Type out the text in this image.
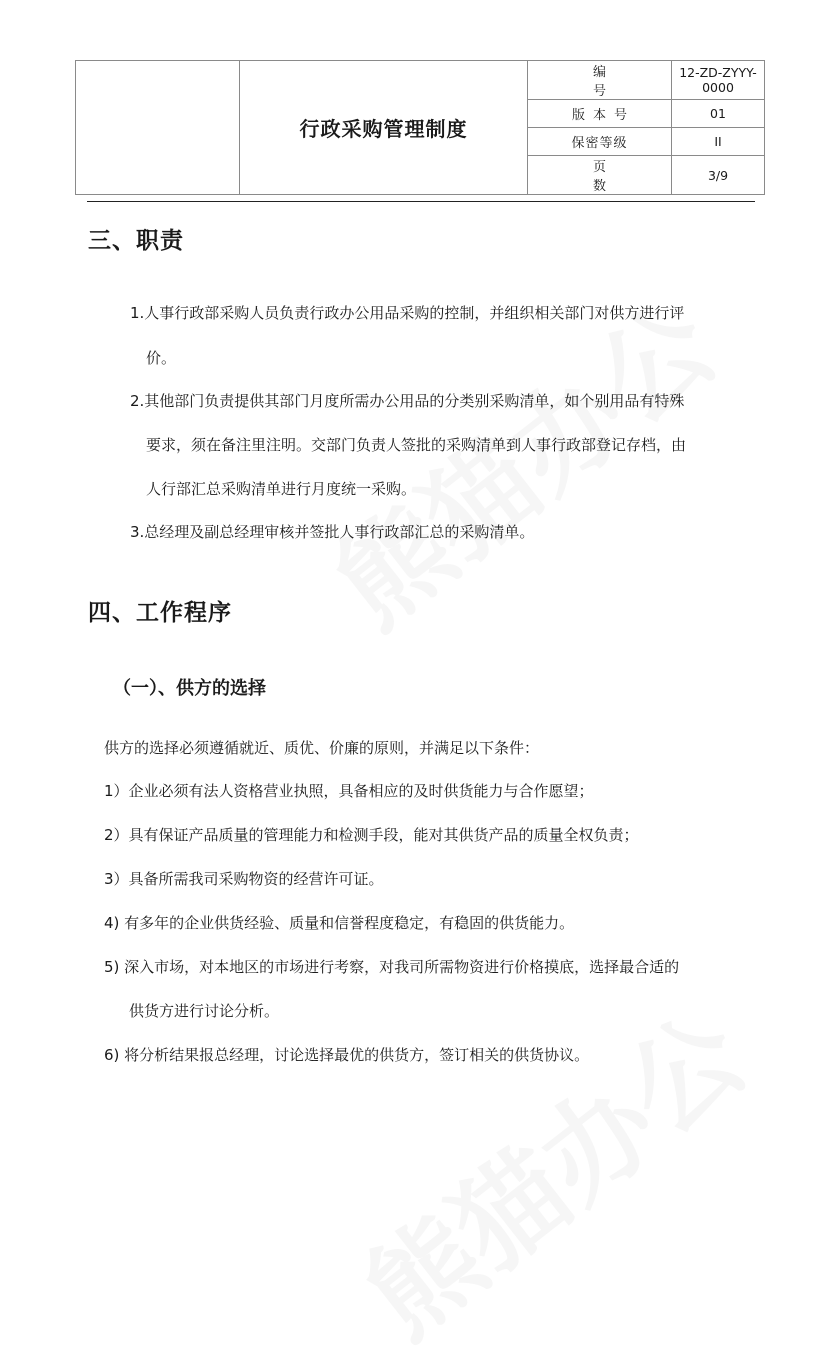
	行政采购管理制度	编 号	12-ZD-ZYYY-0000
		版本号	01
		保密等级	II
		页 数	3/9
三、职责

1.人事行政部采购人员负责行政办公用品采购的控制，并组织相关部门对供方进行评

价。

2.其他部门负责提供其部门月度所需办公用品的分类别采购清单，如个别用品有特殊

要求，须在备注里注明。交部门负责人签批的采购清单到人事行政部登记存档，由

人行部汇总采购清单进行月度统一采购。

3.总经理及副总经理审核并签批人事行政部汇总的采购清单。

四、工作程序
（一）、供方的选择

供方的选择必须遵循就近、质优、价廉的原则，并满足以下条件：

1）企业必须有法人资格营业执照，具备相应的及时供货能力与合作愿望；

2）具有保证产品质量的管理能力和检测手段，能对其供货产品的质量全权负责；

3）具备所需我司采购物资的经营许可证。

4) 有多年的企业供货经验、质量和信誉程度稳定，有稳固的供货能力。

5) 深入市场，对本地区的市场进行考察，对我司所需物资进行价格摸底，选择最合适的

供货方进行讨论分析。

6) 将分析结果报总经理，讨论选择最优的供货方，签订相关的供货协议。
